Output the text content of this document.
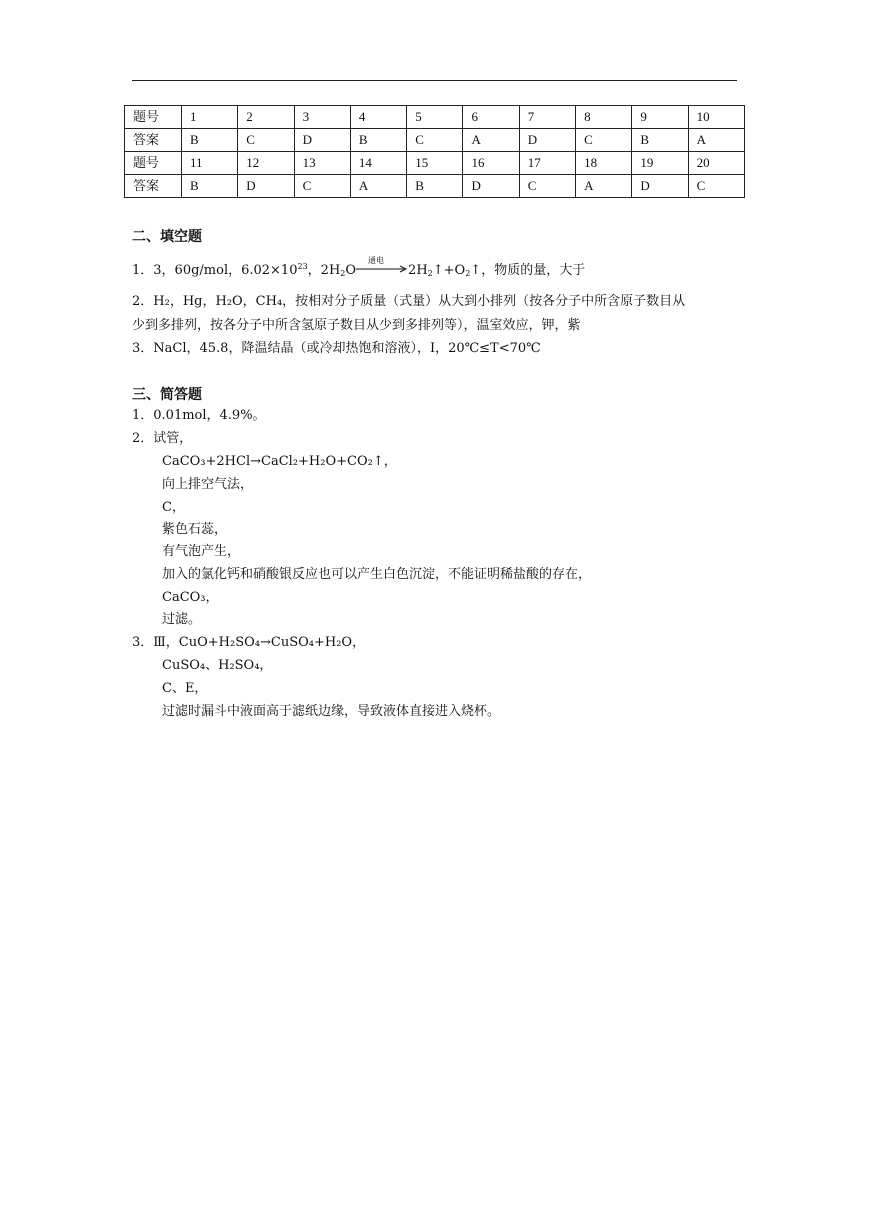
题号	1	2	3	4	5	6	7	8	9	10
答案	B	C	D	B	C	A	D	C	B	A
题号	11	12	13	14	15	16	17	18	19	20
答案	B	D	C	A	B	D	C	A	D	C
二、填空题
1．3，60g/mol，$6.02\times 10^{23}$，$2H_2O$
通电
$2H_2↑+O_2↑$，物质的量，大于
2．H₂，Hg，H₂O，CH₄，按相对分子质量（式量）从大到小排列（按各分子中所含原子数目从
少到多排列，按各分子中所含氢原子数目从少到多排列等），温室效应，钾，紫
3．NaCl，45.8，降温结晶（或冷却热饱和溶液），I，20℃≤T<70℃
三、简答题
1．0.01mol，4.9%。
2．试管，
CaCO₃+2HCl→CaCl₂+H₂O+CO₂↑，
向上排空气法，
C，
紫色石蕊，
有气泡产生，
加入的氯化钙和硝酸银反应也可以产生白色沉淀，不能证明稀盐酸的存在，
CaCO₃，
过滤。
3．Ⅲ，CuO+H₂SO₄→CuSO₄+H₂O，
CuSO₄、H₂SO₄，
C、E，
过滤时漏斗中液面高于滤纸边缘，导致液体直接进入烧杯。
